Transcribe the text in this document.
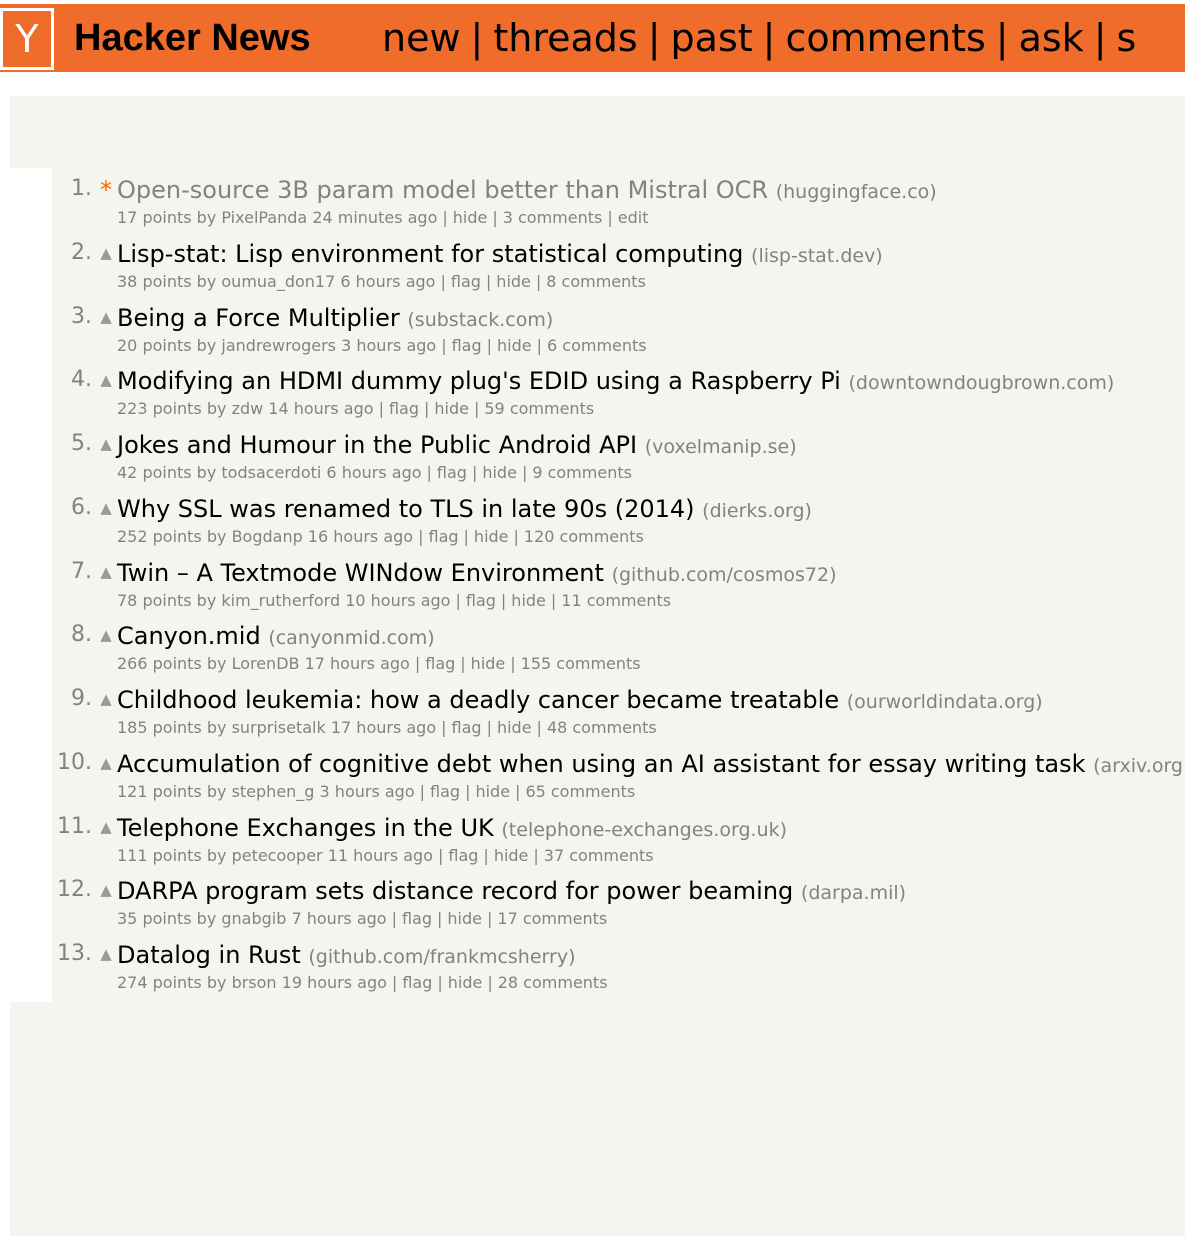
Y Hacker News new | threads | past | comments | ask | s
1. * Open-source 3B param model better than Mistral OCR (huggingface.co)
17 points by PixelPanda 24 minutes ago | hide | 3 comments | edit
2. ▲ Lisp-stat: Lisp environment for statistical computing (lisp-stat.dev)
38 points by oumua_don17 6 hours ago | flag | hide | 8 comments
3. ▲ Being a Force Multiplier (substack.com)
20 points by jandrewrogers 3 hours ago | flag | hide | 6 comments
4. ▲ Modifying an HDMI dummy plug's EDID using a Raspberry Pi (downtowndougbrown.com)
223 points by zdw 14 hours ago | flag | hide | 59 comments
5. ▲ Jokes and Humour in the Public Android API (voxelmanip.se)
42 points by todsacerdoti 6 hours ago | flag | hide | 9 comments
6. ▲ Why SSL was renamed to TLS in late 90s (2014) (dierks.org)
252 points by Bogdanp 16 hours ago | flag | hide | 120 comments
7. ▲ Twin – A Textmode WINdow Environment (github.com/cosmos72)
78 points by kim_rutherford 10 hours ago | flag | hide | 11 comments
8. ▲ Canyon.mid (canyonmid.com)
266 points by LorenDB 17 hours ago | flag | hide | 155 comments
9. ▲ Childhood leukemia: how a deadly cancer became treatable (ourworldindata.org)
185 points by surprisetalk 17 hours ago | flag | hide | 48 comments
10. ▲ Accumulation of cognitive debt when using an AI assistant for essay writing task (arxiv.org
121 points by stephen_g 3 hours ago | flag | hide | 65 comments
11. ▲ Telephone Exchanges in the UK (telephone-exchanges.org.uk)
111 points by petecooper 11 hours ago | flag | hide | 37 comments
12. ▲ DARPA program sets distance record for power beaming (darpa.mil)
35 points by gnabgib 7 hours ago | flag | hide | 17 comments
13. ▲ Datalog in Rust (github.com/frankmcsherry)
274 points by brson 19 hours ago | flag | hide | 28 comments
